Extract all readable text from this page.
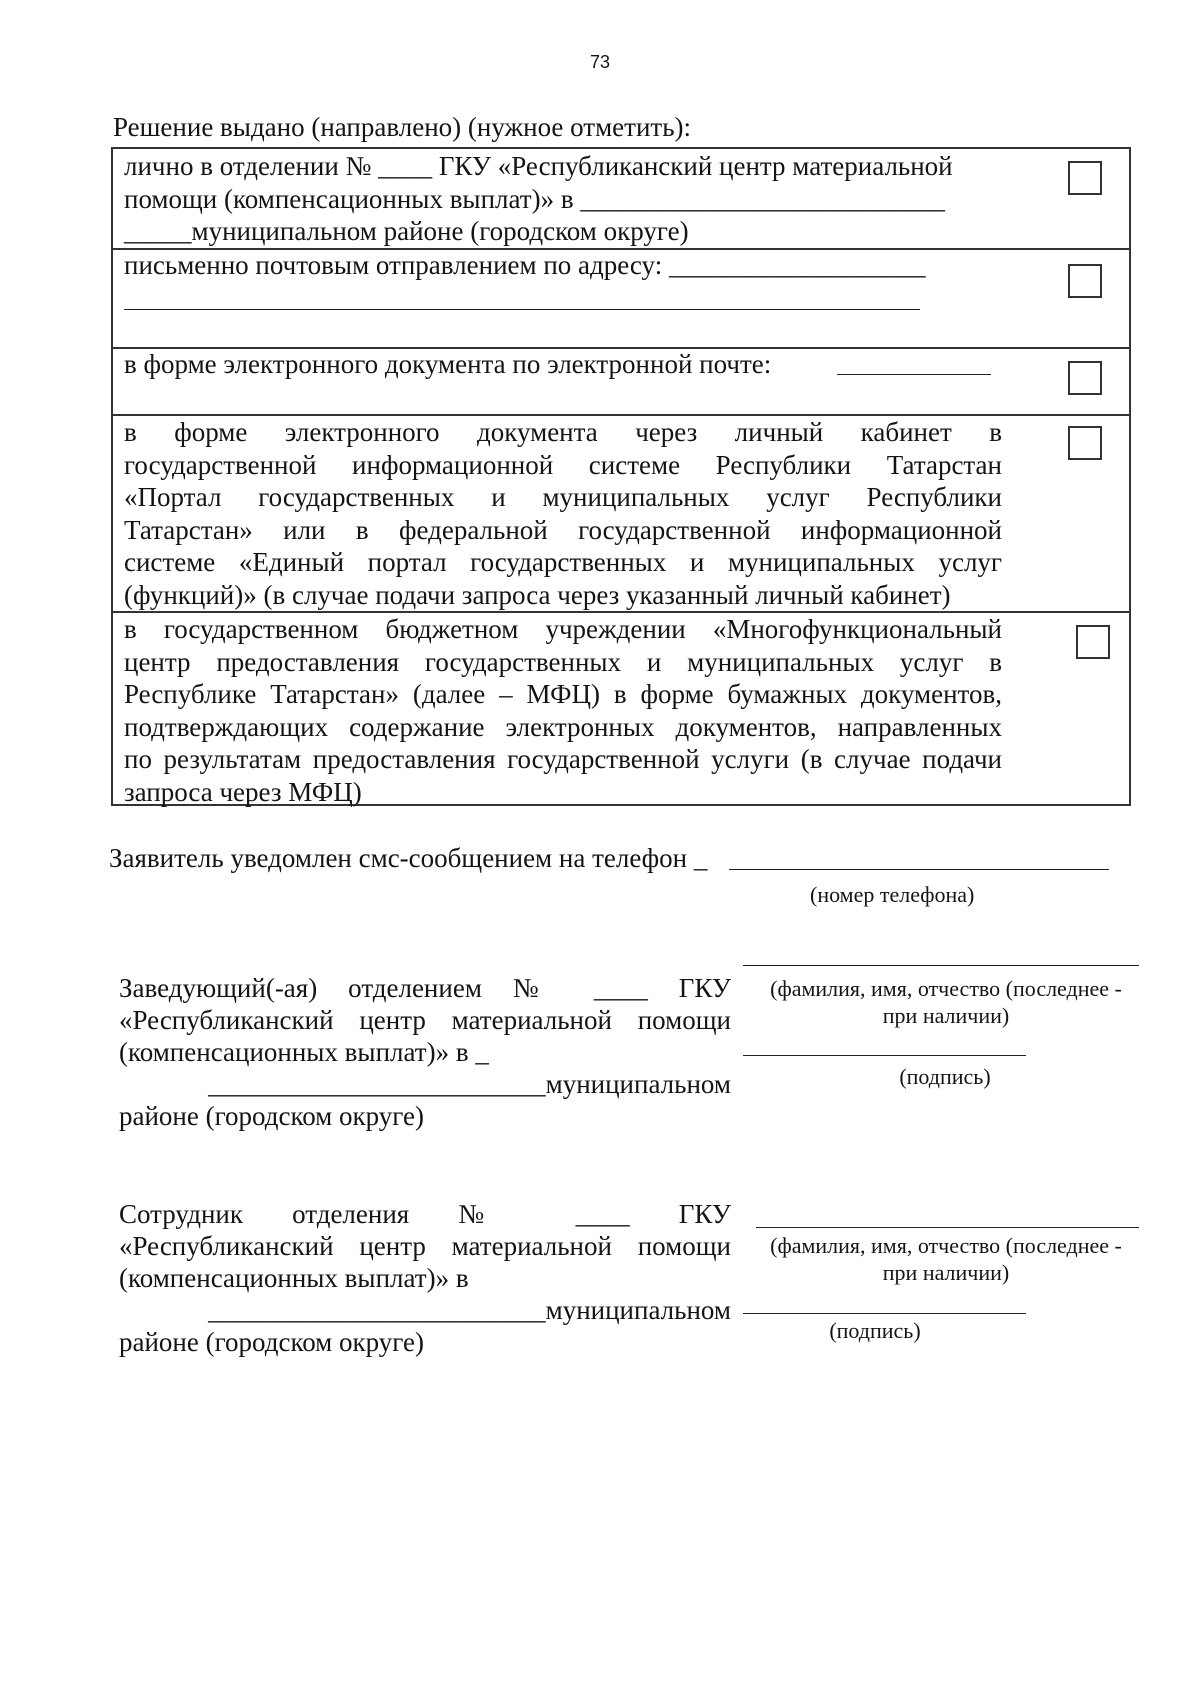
73
Решение выдано (направлено) (нужное отметить):
лично в отделении № ____ ГКУ «Республиканский центр материальной
помощи (компенсационных выплат)» в ___________________________
_____муниципальном районе (городском округе)
письменно почтовым отправлением по адресу: ___________________
в форме электронного документа по электронной почте:
в форме электронного документа через личный кабинет в
государственной информационной системе Республики Татарстан
«Портал государственных и муниципальных услуг Республики
Татарстан» или в федеральной государственной информационной
системе «Единый портал государственных и муниципальных услуг
(функций)» (в случае подачи запроса через указанный личный кабинет)
в государственном бюджетном учреждении «Многофункциональный
центр предоставления государственных и муниципальных услуг в
Республике Татарстан» (далее – МФЦ) в форме бумажных документов,
подтверждающих содержание электронных документов, направленных
по результатам предоставления государственной услуги (в случае подачи
запроса через МФЦ)
Заявитель уведомлен смс-сообщением на телефон _
(номер телефона)
Заведующий(-ая) отделением № ____ ГКУ
«Республиканский центр материальной помощи
(компенсационных выплат)» в _
_________________________муниципальном
районе (городском округе)
(фамилия, имя, отчество (последнее -
при наличии)
(подпись)
Сотрудник отделения № ____ ГКУ
«Республиканский центр материальной помощи
(компенсационных выплат)» в
_________________________муниципальном
районе (городском округе)
(фамилия, имя, отчество (последнее -
при наличии)
(подпись)
